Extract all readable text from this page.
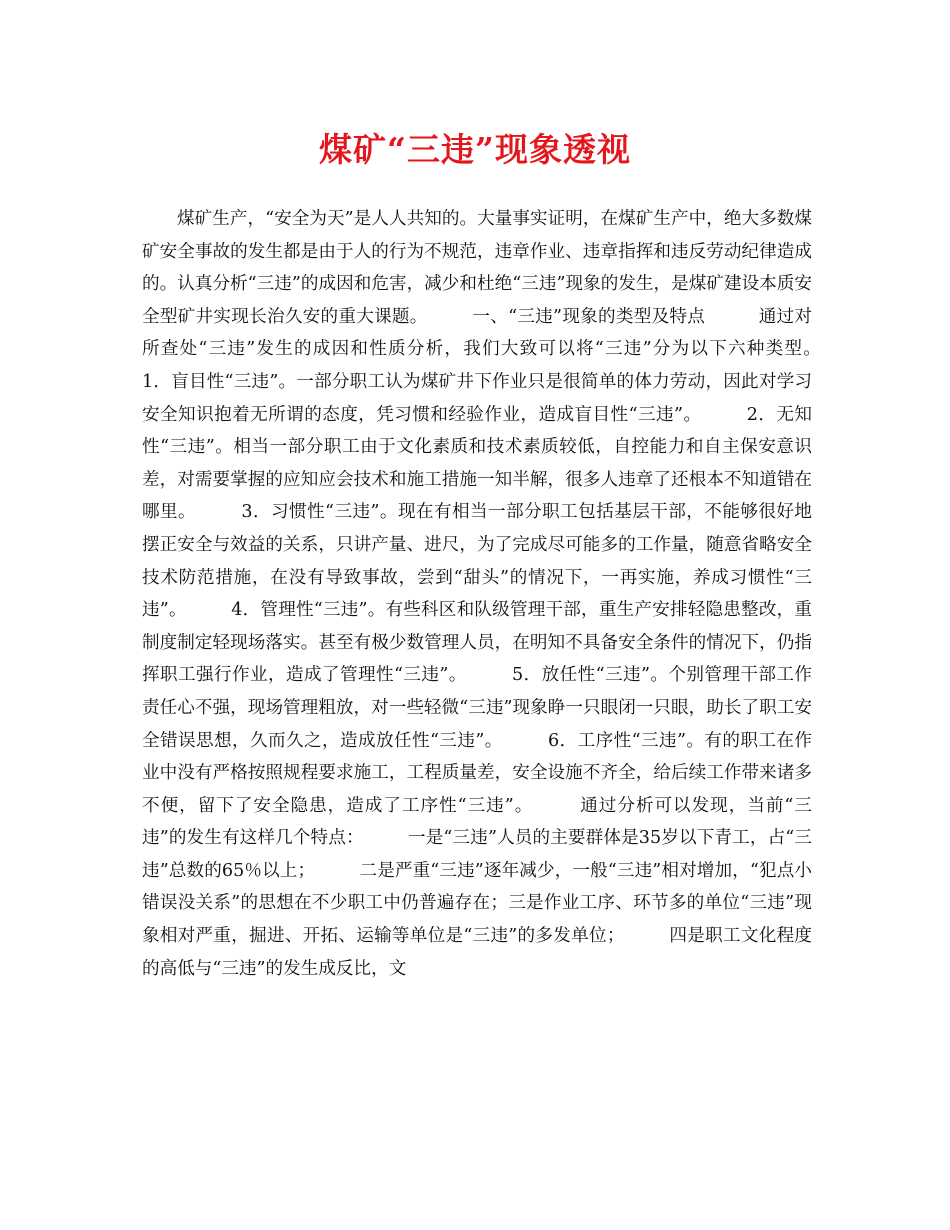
煤矿“三违”现象透视

煤矿生产，“安全为天”是人人共知的。大量事实证明，在煤矿生产中，绝大多数煤矿安全事故的发生都是由于人的行为不规范，违章作业、违章指挥和违反劳动纪律造成的。认真分析“三违”的成因和危害，减少和杜绝“三违”现象的发生，是煤矿建设本质安全型矿井实现长治久安的重大课题。　　　一、“三违”现象的类型及特点　　　通过对所查处“三违”发生的成因和性质分析，我们大致可以将“三违”分为以下六种类型。　　　1．盲目性“三违”。一部分职工认为煤矿井下作业只是很简单的体力劳动，因此对学习安全知识抱着无所谓的态度，凭习惯和经验作业，造成盲目性“三违”。　　　2．无知性“三违”。相当一部分职工由于文化素质和技术素质较低，自控能力和自主保安意识差，对需要掌握的应知应会技术和施工措施一知半解，很多人违章了还根本不知道错在哪里。　　　3．习惯性“三违”。现在有相当一部分职工包括基层干部，不能够很好地摆正安全与效益的关系，只讲产量、进尺，为了完成尽可能多的工作量，随意省略安全技术防范措施，在没有导致事故，尝到“甜头”的情况下，一再实施，养成习惯性“三违”。　　　4．管理性“三违”。有些科区和队级管理干部，重生产安排轻隐患整改，重制度制定轻现场落实。甚至有极少数管理人员，在明知不具备安全条件的情况下，仍指挥职工强行作业，造成了管理性“三违”。　　　5．放任性“三违”。个别管理干部工作责任心不强，现场管理粗放，对一些轻微“三违”现象睁一只眼闭一只眼，助长了职工安全错误思想，久而久之，造成放任性“三违”。　　　6．工序性“三违”。有的职工在作业中没有严格按照规程要求施工，工程质量差，安全设施不齐全，给后续工作带来诸多不便，留下了安全隐患，造成了工序性“三违”。　　　通过分析可以发现，当前“三违”的发生有这样几个特点：　　　一是“三违”人员的主要群体是35岁以下青工，占“三违”总数的65％以上；　　　二是严重“三违”逐年减少，一般“三违”相对增加，“犯点小错误没关系”的思想在不少职工中仍普遍存在；三是作业工序、环节多的单位“三违”现象相对严重，掘进、开拓、运输等单位是“三违”的多发单位；　　　四是职工文化程度的高低与“三违”的发生成反比，文
